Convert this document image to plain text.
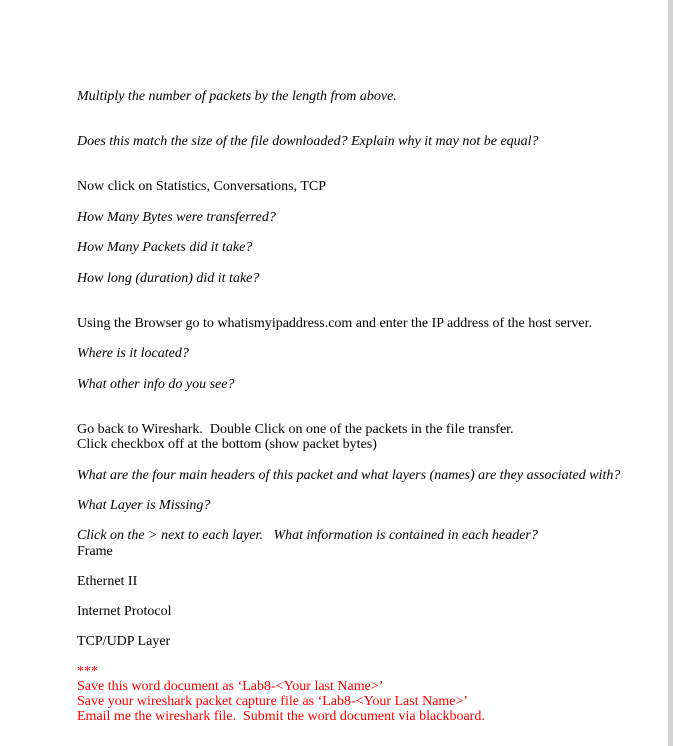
Multiply the number of packets by the length from above.
Does this match the size of the file downloaded? Explain why it may not be equal?
Now click on Statistics, Conversations, TCP
How Many Bytes were transferred?
How Many Packets did it take?
How long (duration) did it take?
Using the Browser go to whatismyipaddress.com and enter the IP address of the host server.
Where is it located?
What other info do you see?
Go back to Wireshark.  Double Click on one of the packets in the file transfer.
Click checkbox off at the bottom (show packet bytes)
What are the four main headers of this packet and what layers (names) are they associated with?
What Layer is Missing?
Click on the > next to each layer.   What information is contained in each header?
Frame
Ethernet II
Internet Protocol
TCP/UDP Layer
***
Save this word document as ‘Lab8-<Your last Name>’
Save your wireshark packet capture file as ‘Lab8-<Your Last Name>’
Email me the wireshark file.  Submit the word document via blackboard.
